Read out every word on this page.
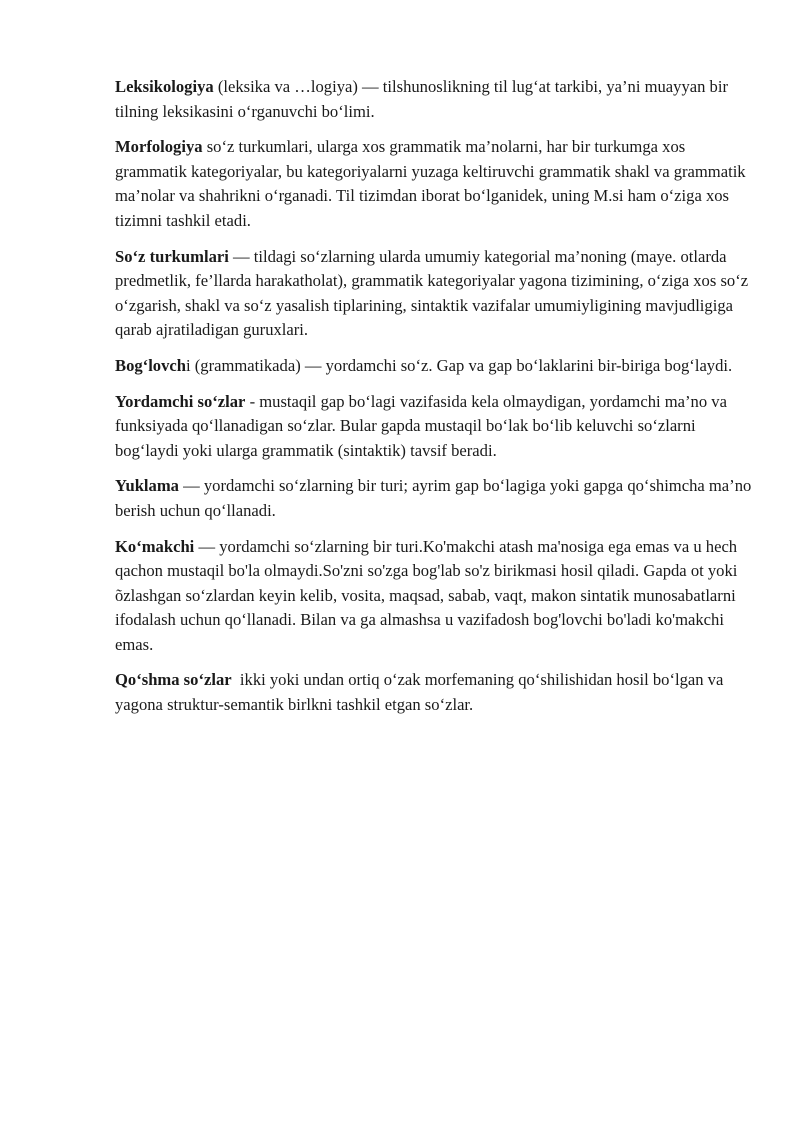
Leksikologiya (leksika va …logiya) — tilshunoslikning til lug‘at tarkibi, ya’ni muayyan bir tilning leksikasini o‘rganuvchi bo‘limi.

Morfologiya so‘z turkumlari, ularga xos grammatik ma’nolarni, har bir turkumga xos grammatik kategoriyalar, bu kategoriyalarni yuzaga keltiruvchi grammatik shakl va grammatik ma’nolar va shahrikni o‘rganadi. Til tizimdan iborat bo‘lganidek, uning M.si ham o‘ziga xos tizimni tashkil etadi.

So‘z turkumlari — tildagi so‘zlarning ularda umumiy kategorial ma’noning (maye. otlarda predmetlik, fe’llarda harakatholat), grammatik kategoriyalar yagona tizimining, o‘ziga xos so‘z o‘zgarish, shakl va so‘z yasalish tiplarining, sintaktik vazifalar umumiyligining mavjudligiga qarab ajratiladigan guruxlari.

Bog‘lovchi (grammatikada) — yordamchi so‘z. Gap va gap bo‘laklarini bir-biriga bog‘laydi.

Yordamchi so‘zlar - mustaqil gap bo‘lagi vazifasida kela olmaydigan, yordamchi ma’no va funksiyada qo‘llanadigan so‘zlar. Bular gapda mustaqil bo‘lak bo‘lib keluvchi so‘zlarni bog‘laydi yoki ularga grammatik (sintaktik) tavsif beradi.

Yuklama — yordamchi so‘zlarning bir turi; ayrim gap bo‘lagiga yoki gapga qo‘shimcha ma’no berish uchun qo‘llanadi.

Ko‘makchi — yordamchi so‘zlarning bir turi.Ko'makchi atash ma'nosiga ega emas va u hech qachon mustaqil bo'la olmaydi.So'zni so'zga bog'lab so'z birikmasi hosil qiladi. Gapda ot yoki õzlashgan so‘zlardan keyin kelib, vosita, maqsad, sabab, vaqt, makon sintatik munosabatlarni ifodalash uchun qo‘llanadi. Bilan va ga almashsa u vazifadosh bog'lovchi bo'ladi ko'makchi emas.

Qo‘shma so‘zlar  ikki yoki undan ortiq o‘zak morfemaning qo‘shilishidan hosil bo‘lgan va yagona struktur-semantik birlkni tashkil etgan so‘zlar.
